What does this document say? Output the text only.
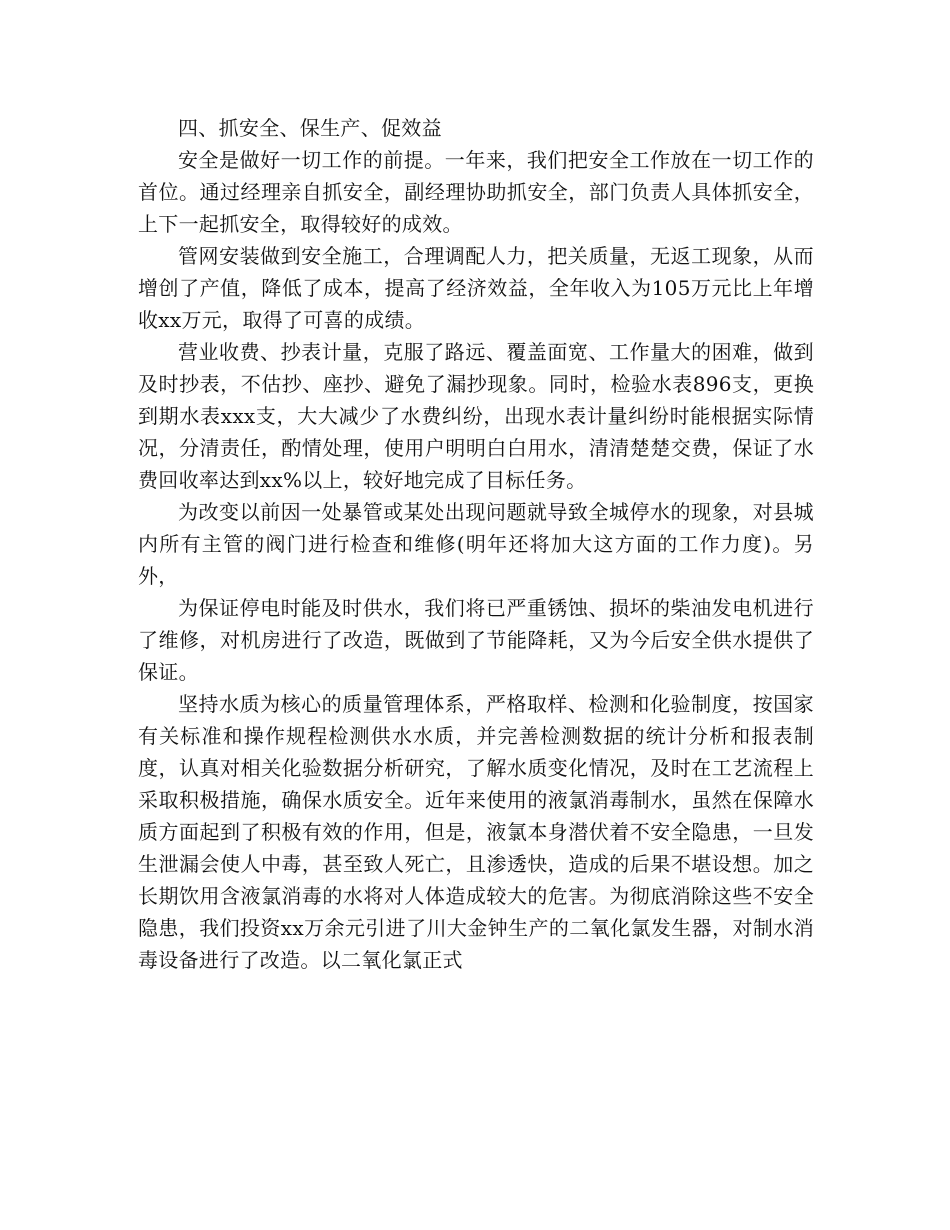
四、抓安全、保生产、促效益

安全是做好一切工作的前提。一年来，我们把安全工作放在一切工作的首位。通过经理亲自抓安全，副经理协助抓安全，部门负责人具体抓安全，上下一起抓安全，取得较好的成效。

管网安装做到安全施工，合理调配人力，把关质量，无返工现象，从而增创了产值，降低了成本，提高了经济效益，全年收入为105万元比上年增收xx万元，取得了可喜的成绩。

营业收费、抄表计量，克服了路远、覆盖面宽、工作量大的困难，做到及时抄表，不估抄、座抄、避免了漏抄现象。同时，检验水表896支，更换到期水表xxx支，大大减少了水费纠纷，出现水表计量纠纷时能根据实际情况，分清责任，酌情处理，使用户明明白白用水，清清楚楚交费，保证了水费回收率达到xx%以上，较好地完成了目标任务。

为改变以前因一处暴管或某处出现问题就导致全城停水的现象，对县城内所有主管的阀门进行检查和维修(明年还将加大这方面的工作力度)。另外，

为保证停电时能及时供水，我们将已严重锈蚀、损坏的柴油发电机进行了维修，对机房进行了改造，既做到了节能降耗，又为今后安全供水提供了保证。

坚持水质为核心的质量管理体系，严格取样、检测和化验制度，按国家有关标准和操作规程检测供水水质，并完善检测数据的统计分析和报表制度，认真对相关化验数据分析研究，了解水质变化情况，及时在工艺流程上采取积极措施，确保水质安全。近年来使用的液氯消毒制水，虽然在保障水质方面起到了积极有效的作用，但是，液氯本身潜伏着不安全隐患，一旦发生泄漏会使人中毒，甚至致人死亡，且渗透快，造成的后果不堪设想。加之长期饮用含液氯消毒的水将对人体造成较大的危害。为彻底消除这些不安全隐患，我们投资xx万余元引进了川大金钟生产的二氧化氯发生器，对制水消毒设备进行了改造。以二氧化氯正式
